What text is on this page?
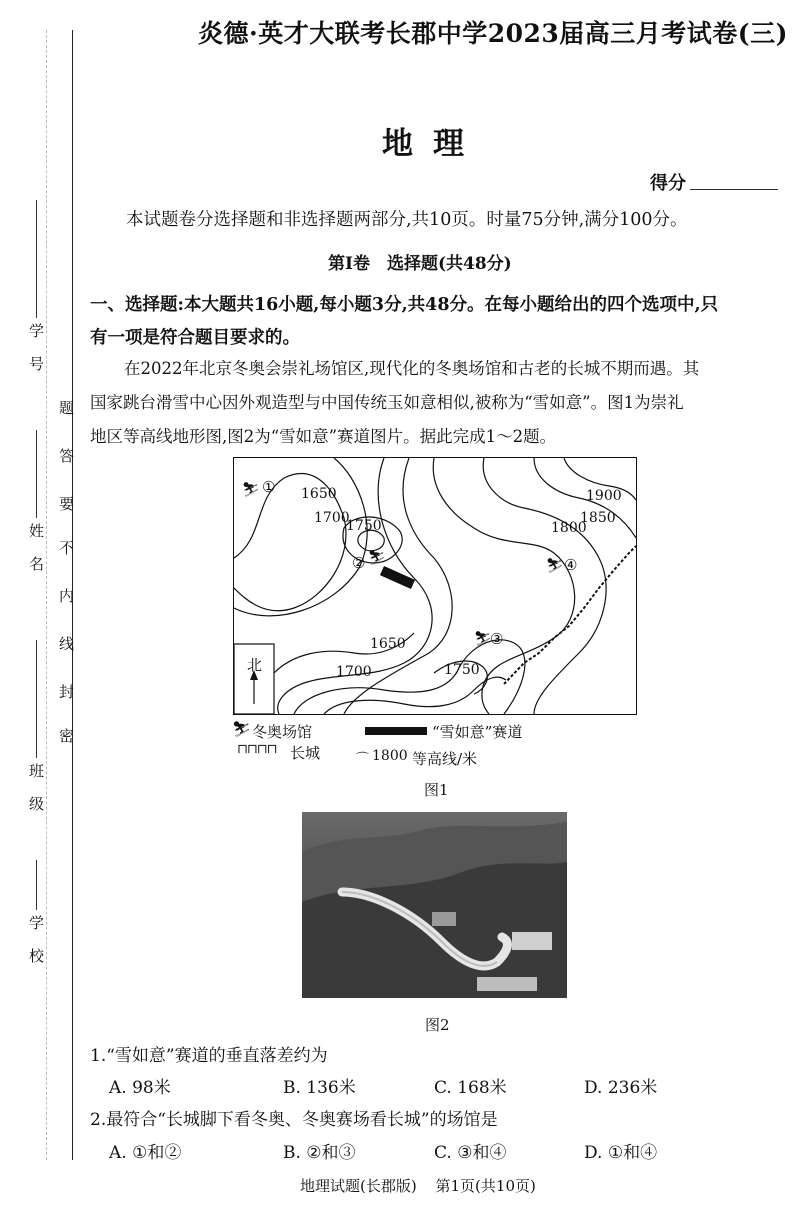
学号
姓名
班级
学校
题
答
要
不
内
线
封
密
炎德·英才大联考长郡中学2023届高三月考试卷(三)
地理
得分
本试题卷分选择题和非选择题两部分,共10页。时量75分钟,满分100分。
第Ⅰ卷　选择题(共48分)
一、选择题:本大题共16小题,每小题3分,共48分。在每小题给出的四个选项中,只
有一项是符合题目要求的。
在2022年北京冬奥会崇礼场馆区,现代化的冬奥场馆和古老的长城不期而遇。其
国家跳台滑雪中心因外观造型与中国传统玉如意相似,被称为“雪如意”。图1为崇礼
地区等高线地形图,图2为“雪如意”赛道图片。据此完成1～2题。
⛷
⛷
⛷
⛷
①
②
③
④
1650
1700
1750
1900
1850
1800
1650
1700	1750
北
⛷ 冬奥场馆	“雪如意”赛道
⊓⊓⊓⊓ 长城	⌒ 1800 等高线/米
图1
图2
1.“雪如意”赛道的垂直落差约为
A. 98米	B. 136米	C. 168米	D. 236米
2.最符合“长城脚下看冬奥、冬奥赛场看长城”的场馆是
A. ①和②	B. ②和③	C. ③和④	D. ①和④
地理试题(长郡版) 第1页(共10页)
